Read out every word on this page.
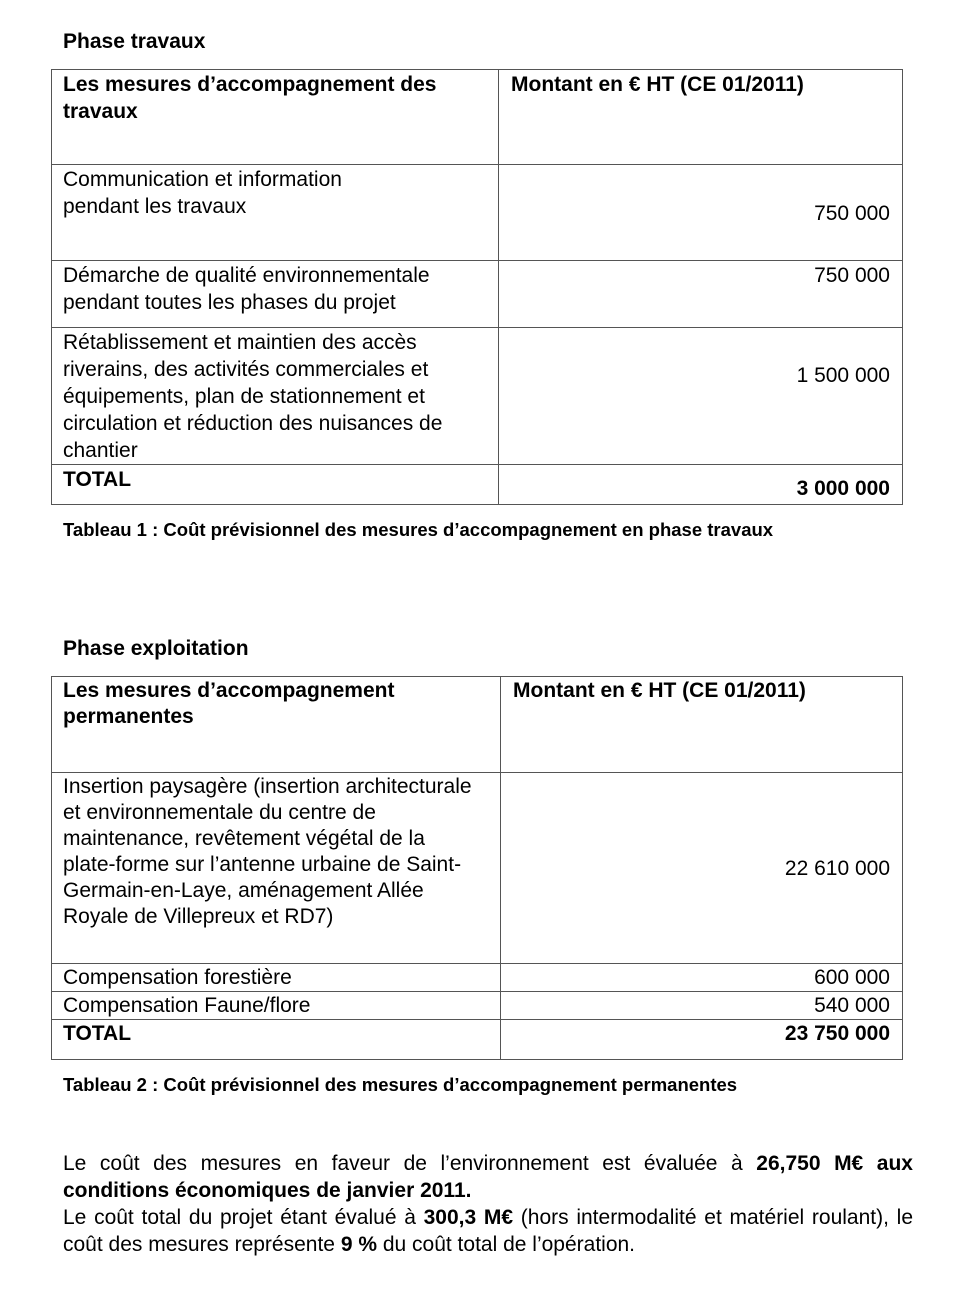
Phase travaux
Les mesures d’accompagnement des travaux	Montant en € HT (CE 01/2011)
Communication et information pendant les travaux	750 000
Démarche de qualité environnementale pendant toutes les phases du projet	750 000
Rétablissement et maintien des accès riverains, des activités commerciales et équipements, plan de stationnement et circulation et réduction des nuisances de chantier	1 500 000
TOTAL	3 000 000

Tableau 1 : Coût prévisionnel des mesures d’accompagnement en phase travaux

Phase exploitation
Les mesures d’accompagnement permanentes	Montant en € HT (CE 01/2011)
Insertion paysagère (insertion architecturale et environnementale du centre de maintenance, revêtement végétal de la plate-forme sur l’antenne urbaine de Saint-Germain-en-Laye, aménagement Allée Royale de Villepreux et RD7)	22 610 000
Compensation forestière	600 000
Compensation Faune/flore	540 000
TOTAL	23 750 000

Tableau 2 : Coût prévisionnel des mesures d’accompagnement permanentes

Le coût des mesures en faveur de l’environnement est évaluée à 26,750 M€ aux conditions économiques de janvier 2011.

Le coût total du projet étant évalué à 300,3 M€ (hors intermodalité et matériel roulant), le coût des mesures représente 9 % du coût total de l’opération.
